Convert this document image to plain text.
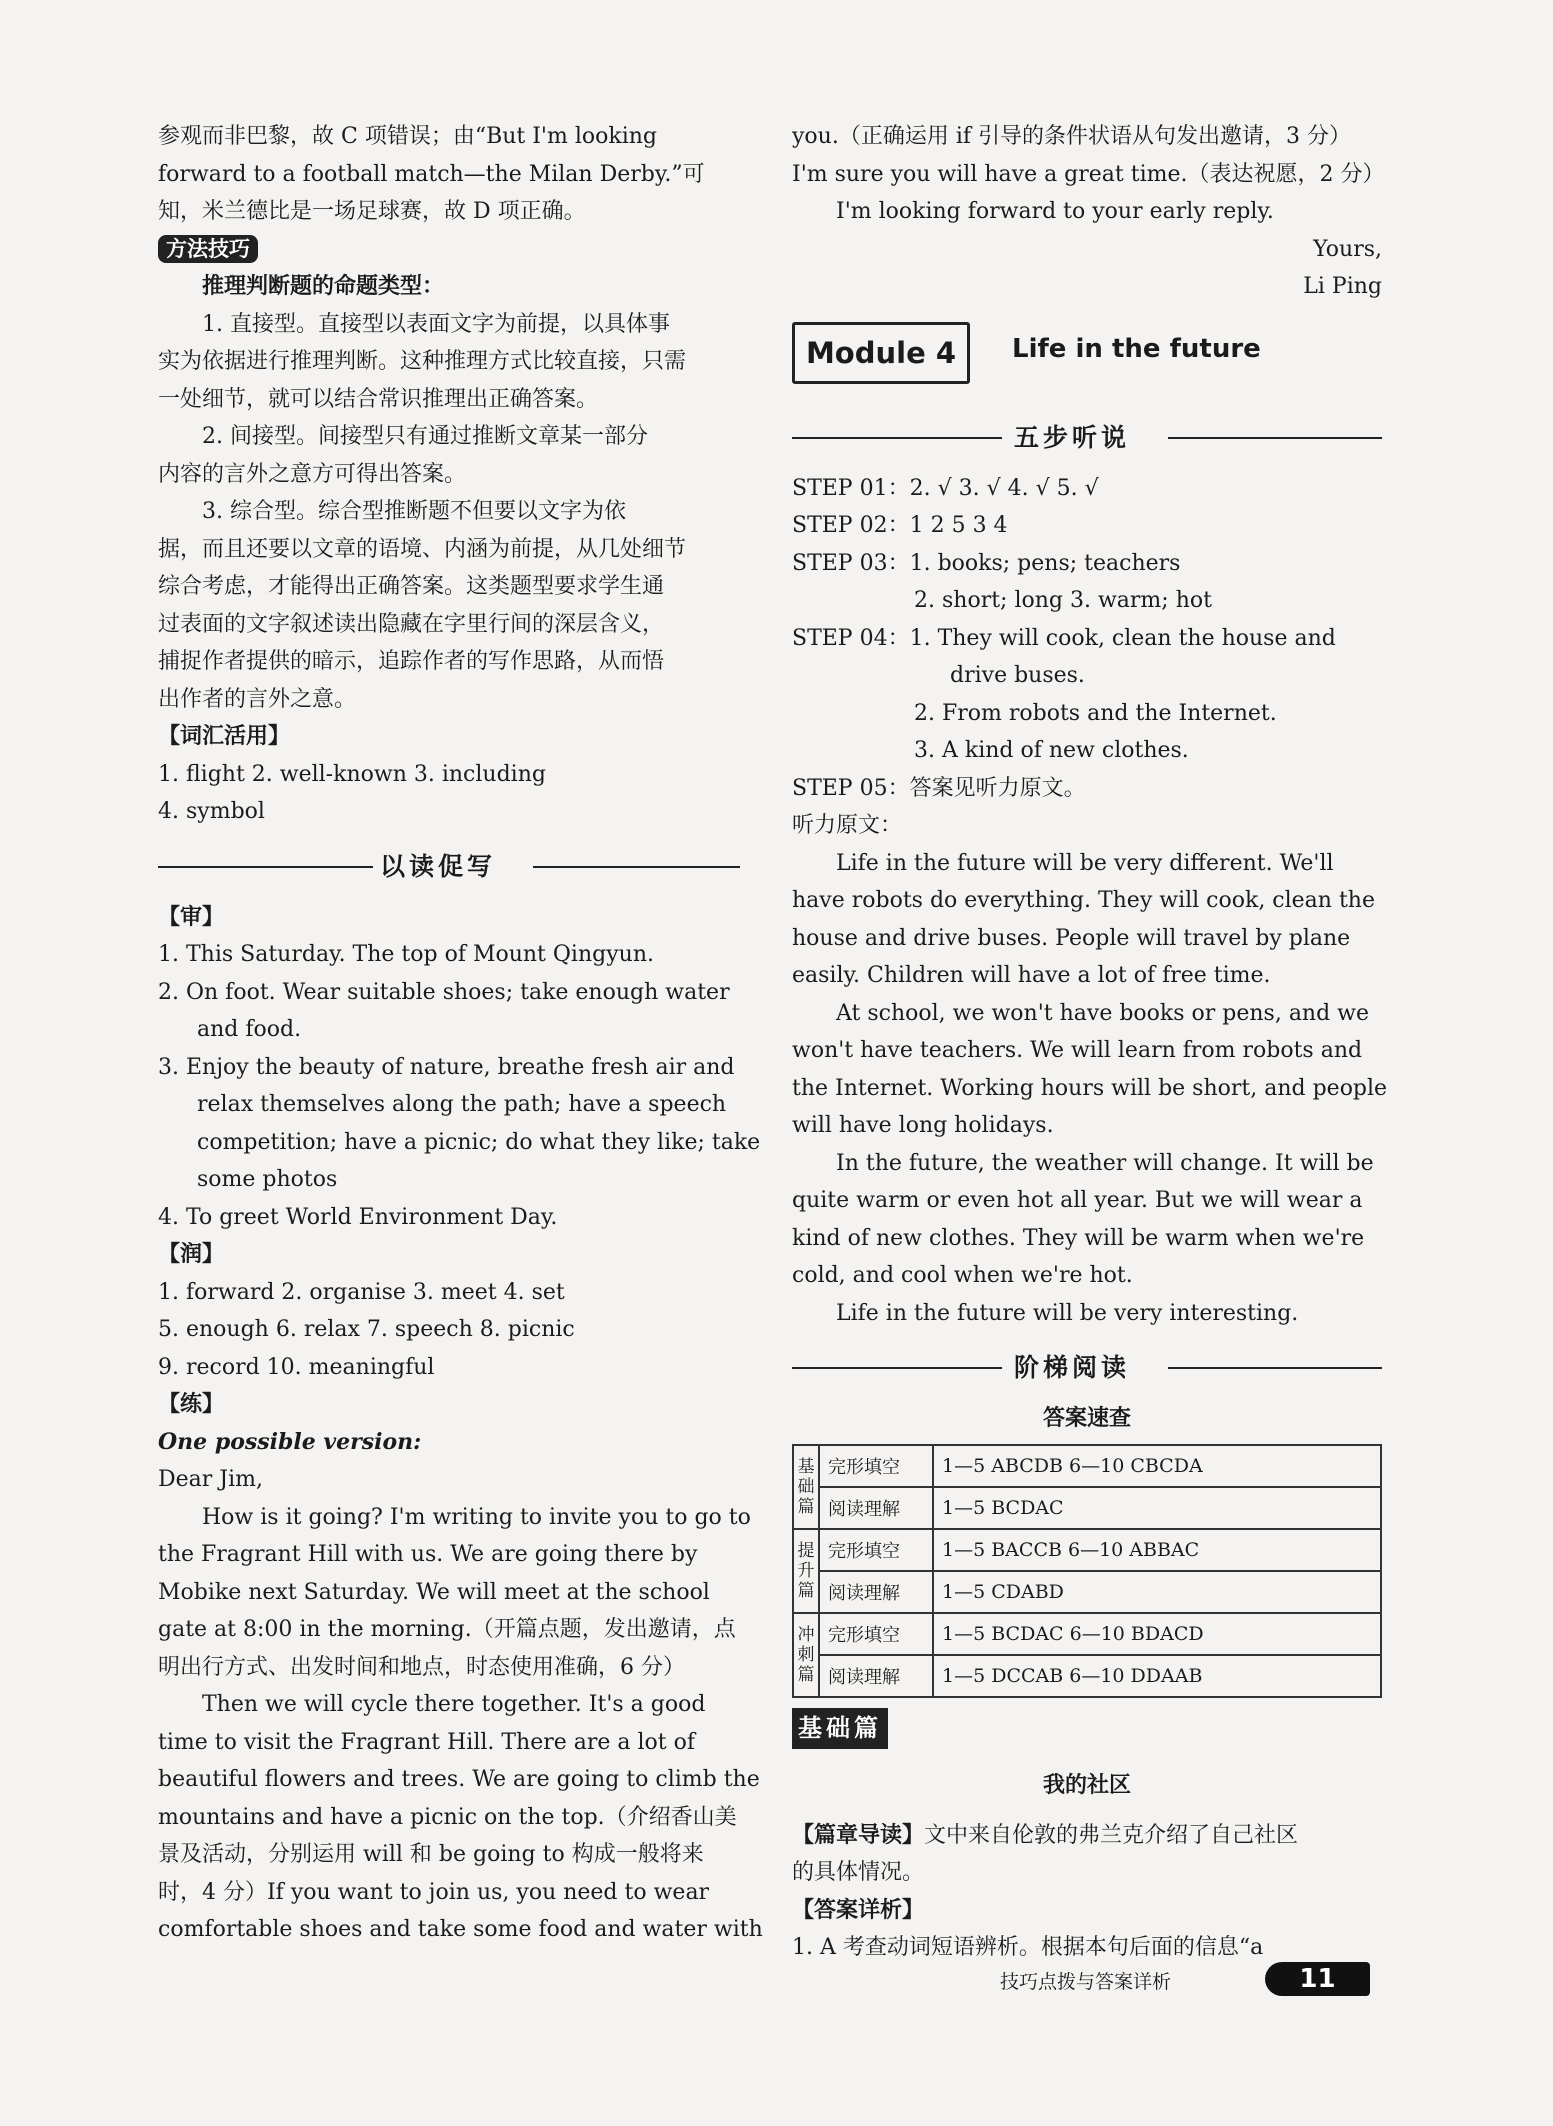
参观而非巴黎，故 C 项错误；由“But I'm looking
forward to a football match—the Milan Derby.”可
知，米兰德比是一场足球赛，故 D 项正确。
方法技巧
推理判断题的命题类型：
1. 直接型。直接型以表面文字为前提，以具体事
实为依据进行推理判断。这种推理方式比较直接，只需
一处细节，就可以结合常识推理出正确答案。
2. 间接型。间接型只有通过推断文章某一部分
内容的言外之意方可得出答案。
3. 综合型。综合型推断题不但要以文字为依
据，而且还要以文章的语境、内涵为前提，从几处细节
综合考虑，才能得出正确答案。这类题型要求学生通
过表面的文字叙述读出隐藏在字里行间的深层含义，
捕捉作者提供的暗示，追踪作者的写作思路，从而悟
出作者的言外之意。
【词汇活用】
1. flight 2. well-known 3. including
4. symbol
以读促写
【审】
1. This Saturday. The top of Mount Qingyun.
2. On foot. Wear suitable shoes; take enough water
and food.
3. Enjoy the beauty of nature, breathe fresh air and
relax themselves along the path; have a speech
competition; have a picnic; do what they like; take
some photos
4. To greet World Environment Day.
【润】
1. forward 2. organise 3. meet 4. set
5. enough 6. relax 7. speech 8. picnic
9. record 10. meaningful
【练】
One possible version:
Dear Jim,
How is it going? I'm writing to invite you to go to
the Fragrant Hill with us. We are going there by
Mobike next Saturday. We will meet at the school
gate at 8:00 in the morning.（开篇点题，发出邀请，点
明出行方式、出发时间和地点，时态使用准确，6 分）
Then we will cycle there together. It's a good
time to visit the Fragrant Hill. There are a lot of
beautiful flowers and trees. We are going to climb the
mountains and have a picnic on the top.（介绍香山美
景及活动，分别运用 will 和 be going to 构成一般将来
时，4 分）If you want to join us, you need to wear
comfortable shoes and take some food and water with
you.（正确运用 if 引导的条件状语从句发出邀请，3 分）
I'm sure you will have a great time.（表达祝愿，2 分）
I'm looking forward to your early reply.
Yours,
Li Ping
Module 4	Life in the future
五步听说
STEP 01：2. √ 3. √ 4. √ 5. √
STEP 02：1 2 5 3 4
STEP 03：1. books; pens; teachers
2. short; long 3. warm; hot
STEP 04：1. They will cook, clean the house and
drive buses.
2. From robots and the Internet.
3. A kind of new clothes.
STEP 05：答案见听力原文。
听力原文：
Life in the future will be very different. We'll
have robots do everything. They will cook, clean the
house and drive buses. People will travel by plane
easily. Children will have a lot of free time.
At school, we won't have books or pens, and we
won't have teachers. We will learn from robots and
the Internet. Working hours will be short, and people
will have long holidays.
In the future, the weather will change. It will be
quite warm or even hot all year. But we will wear a
kind of new clothes. They will be warm when we're
cold, and cool when we're hot.
Life in the future will be very interesting.
阶梯阅读
答案速查
基础篇	完形填空	1—5 ABCDB 6—10 CBCDA
	阅读理解	1—5 BCDAC
提升篇	完形填空	1—5 BACCB 6—10 ABBAC
	阅读理解	1—5 CDABD
冲刺篇	完形填空	1—5 BCDAC 6—10 BDACD
	阅读理解	1—5 DCCAB 6—10 DDAAB
基础篇
我的社区
【篇章导读】文中来自伦敦的弗兰克介绍了自己社区
的具体情况。
【答案详析】
1. A 考查动词短语辨析。根据本句后面的信息“a
技巧点拨与答案详析	11
